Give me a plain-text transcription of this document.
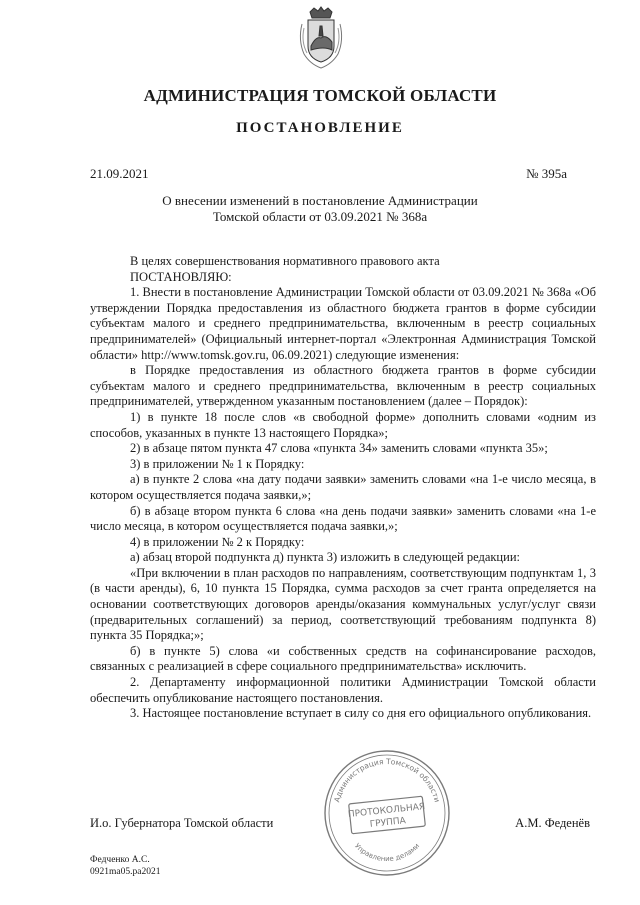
АДМИНИСТРАЦИЯ ТОМСКОЙ ОБЛАСТИ
ПОСТАНОВЛЕНИЕ
21.09.2021	№ 395а
О внесении изменений в постановление Администрации Томской области от 03.09.2021 № 368а

В целях совершенствования нормативного правового акта

ПОСТАНОВЛЯЮ:

1. Внести в постановление Администрации Томской области от 03.09.2021 № 368а «Об утверждении Порядка предоставления из областного бюджета грантов в форме субсидии субъектам малого и среднего предпринимательства, включенным в реестр социальных предпринимателей» (Официальный интернет-портал «Электронная Администрация Томской области» http://www.tomsk.gov.ru, 06.09.2021) следующие изменения:

в Порядке предоставления из областного бюджета грантов в форме субсидии субъектам малого и среднего предпринимательства, включенным в реестр социальных предпринимателей, утвержденном указанным постановлением (далее – Порядок):

1) в пункте 18 после слов «в свободной форме» дополнить словами «одним из способов, указанных в пункте 13 настоящего Порядка»;

2) в абзаце пятом пункта 47 слова «пункта 34» заменить словами «пункта 35»;

3) в приложении № 1 к Порядку:

а) в пункте 2 слова «на дату подачи заявки» заменить словами «на 1-е число месяца, в котором осуществляется подача заявки,»;

б) в абзаце втором пункта 6 слова «на день подачи заявки» заменить словами «на 1-е число месяца, в котором осуществляется подача заявки,»;

4) в приложении № 2 к Порядку:

а) абзац второй подпункта д) пункта 3) изложить в следующей редакции:

«При включении в план расходов по направлениям, соответствующим подпунктам 1, 3 (в части аренды), 6, 10 пункта 15 Порядка, сумма расходов за счет гранта определяется на основании соответствующих договоров аренды/оказания коммунальных услуг/услуг связи (предварительных соглашений) за период, соответствующий требованиям подпункта 8) пункта 35 Порядка;»;

б) в пункте 5) слова «и собственных средств на софинансирование расходов, связанных с реализацией в сфере социального предпринимательства» исключить.

2. Департаменту информационной политики Администрации Томской области обеспечить опубликование настоящего постановления.

3. Настоящее постановление вступает в силу со дня его официального опубликования.

И.о. Губернатора Томской области	А.М. Феденёв
Администрация Томской области
Управление делами
ПРОТОКОЛЬНАЯ
ГРУППА
Федченко А.С.
0921ma05.pa2021
